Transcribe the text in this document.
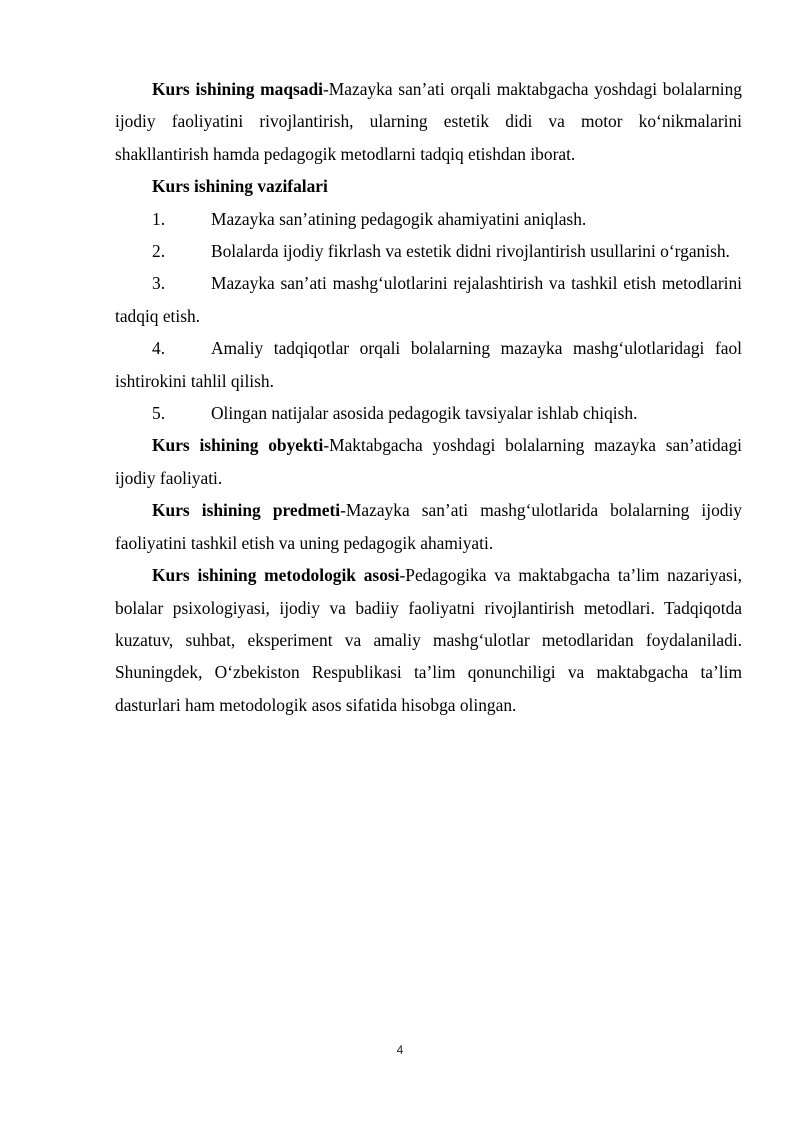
Kurs ishining maqsadi-Mazayka san’ati orqali maktabgacha yoshdagi bolalarning ijodiy faoliyatini rivojlantirish, ularning estetik didi va motor ko‘nikmalarini shakllantirish hamda pedagogik metodlarni tadqiq etishdan iborat.

Kurs ishining vazifalari

1.	Mazayka san’atining pedagogik ahamiyatini aniqlash.

2.	Bolalarda ijodiy fikrlash va estetik didni rivojlantirish usullarini o‘rganish.

3.	Mazayka san’ati mashg‘ulotlarini rejalashtirish va tashkil etish metodlarini tadqiq etish.

4.	Amaliy tadqiqotlar orqali bolalarning mazayka mashg‘ulotlaridagi faol ishtirokini tahlil qilish.

5.	Olingan natijalar asosida pedagogik tavsiyalar ishlab chiqish.

Kurs ishining obyekti-Maktabgacha yoshdagi bolalarning mazayka san’atidagi ijodiy faoliyati.

Kurs ishining predmeti-Mazayka san’ati mashg‘ulotlarida bolalarning ijodiy faoliyatini tashkil etish va uning pedagogik ahamiyati.

Kurs ishining metodologik asosi-Pedagogika va maktabgacha ta’lim nazariyasi, bolalar psixologiyasi, ijodiy va badiiy faoliyatni rivojlantirish metodlari. Tadqiqotda kuzatuv, suhbat, eksperiment va amaliy mashg‘ulotlar metodlaridan foydalaniladi. Shuningdek, O‘zbekiston Respublikasi ta’lim qonunchiligi va maktabgacha ta’lim dasturlari ham metodologik asos sifatida hisobga olingan.

4
